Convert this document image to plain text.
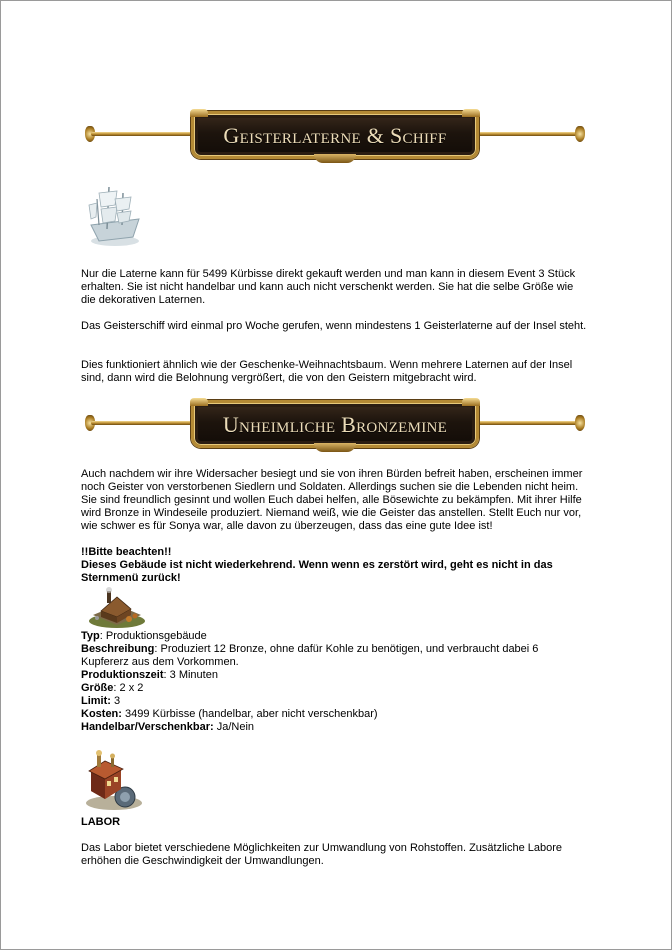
Geisterlaterne & Schiff

Nur die Laterne kann für 5499 Kürbisse direkt gekauft werden und man kann in diesem Event 3 Stück erhalten. Sie ist nicht handelbar und kann auch nicht verschenkt werden. Sie hat die selbe Größe wie die dekorativen Laternen.

Das Geisterschiff wird einmal pro Woche gerufen, wenn mindestens 1 Geisterlaterne auf der Insel steht.

Dies funktioniert ähnlich wie der Geschenke-Weihnachtsbaum. Wenn mehrere Laternen auf der Insel sind, dann wird die Belohnung vergrößert, die von den Geistern mitgebracht wird.

Unheimliche Bronzemine

Auch nachdem wir ihre Widersacher besiegt und sie von ihren Bürden befreit haben, erscheinen immer noch Geister von verstorbenen Siedlern und Soldaten. Allerdings suchen sie die Lebenden nicht heim. Sie sind freundlich gesinnt und wollen Euch dabei helfen, alle Bösewichte zu bekämpfen. Mit ihrer Hilfe wird Bronze in Windeseile produziert. Niemand weiß, wie die Geister das anstellen. Stellt Euch nur vor, wie schwer es für Sonya war, alle davon zu überzeugen, dass das eine gute Idee ist!

!!Bitte beachten!!

Dieses Gebäude ist nicht wiederkehrend. Wenn wenn es zerstört wird, geht es nicht in das Sternmenü zurück!

Typ: Produktionsgebäude
Beschreibung: Produziert 12 Bronze, ohne dafür Kohle zu benötigen, und verbraucht dabei 6 Kupfererz aus dem Vorkommen.
Produktionszeit: 3 Minuten
Größe: 2 x 2
Limit: 3
Kosten: 3499 Kürbisse (handelbar, aber nicht verschenkbar)
Handelbar/Verschenkbar: Ja/Nein

LABOR

Das Labor bietet verschiedene Möglichkeiten zur Umwandlung von Rohstoffen. Zusätzliche Labore erhöhen die Geschwindigkeit der Umwandlungen.
